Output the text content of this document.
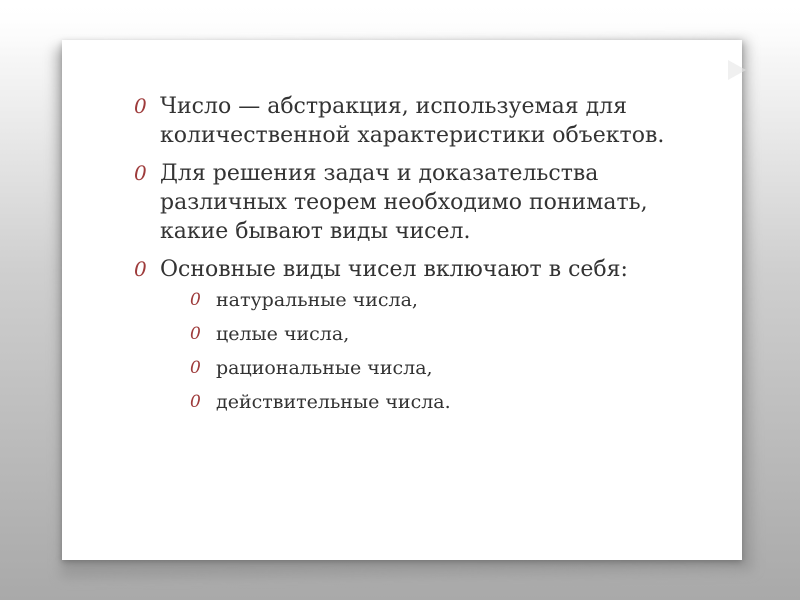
0 Число — абстракция, используемая для количественной характеристики объектов.
0 Для решения задач и доказательства различных теорем необходимо понимать, какие бывают виды чисел.
0 Основные виды чисел включают в себя:
0 натуральные числа,
0 целые числа,
0 рациональные числа,
0 действительные числа.
